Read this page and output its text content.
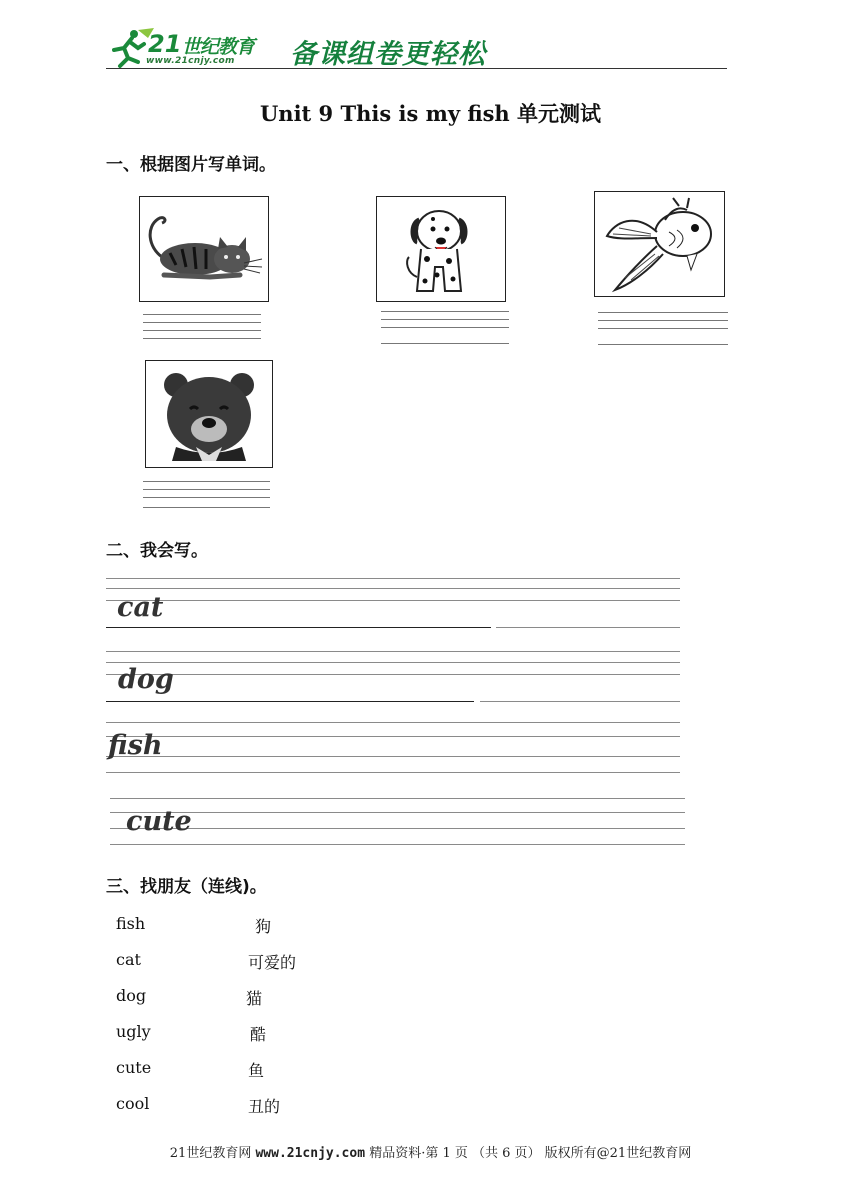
21 世纪教育
www.21cnjy.com 备课组卷更轻松
Unit 9 This is my fish 单元测试
一、根据图片写单词。
二、我会写。
cat
dog
fish
cute
三、找朋友（连线)。
fish
cat
dog
ugly
cute
cool
狗
可爱的
猫
酷
鱼
丑的
21世纪教育网 www.21cnjy.com 精品资料·第 1 页 （共 6 页） 版权所有@21世纪教育网
